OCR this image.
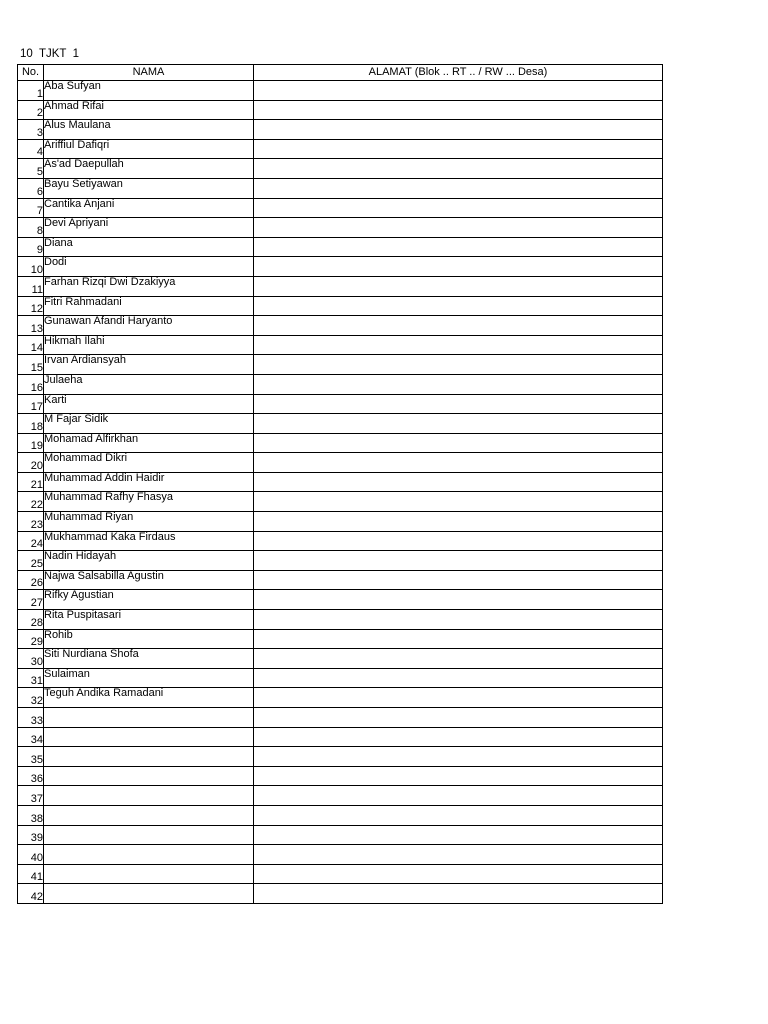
10  TJKT  1
No.	NAMA	ALAMAT (Blok .. RT .. / RW ... Desa)
1	Aba Sufyan	
2	Ahmad Rifai	
3	Alus Maulana	
4	Ariffiul Dafiqri	
5	As'ad Daepullah	
6	Bayu Setiyawan	
7	Cantika Anjani	
8	Devi Apriyani	
9	Diana	
10	Dodi	
11	Farhan Rizqi Dwi Dzakiyya	
12	Fitri Rahmadani	
13	Gunawan Afandi Haryanto	
14	Hikmah Ilahi	
15	Irvan Ardiansyah	
16	Julaeha	
17	Karti	
18	M Fajar Sidik	
19	Mohamad Alfirkhan	
20	Mohammad Dikri	
21	Muhammad Addin Haidir	
22	Muhammad Rafhy Fhasya	
23	Muhammad Riyan	
24	Mukhammad Kaka Firdaus	
25	Nadin Hidayah	
26	Najwa Salsabilla Agustin	
27	Rifky Agustian	
28	Rita Puspitasari	
29	Rohib	
30	Siti Nurdiana Shofa	
31	Sulaiman	
32	Teguh Andika Ramadani	
33		
34		
35		
36		
37		
38		
39		
40		
41		
42		
